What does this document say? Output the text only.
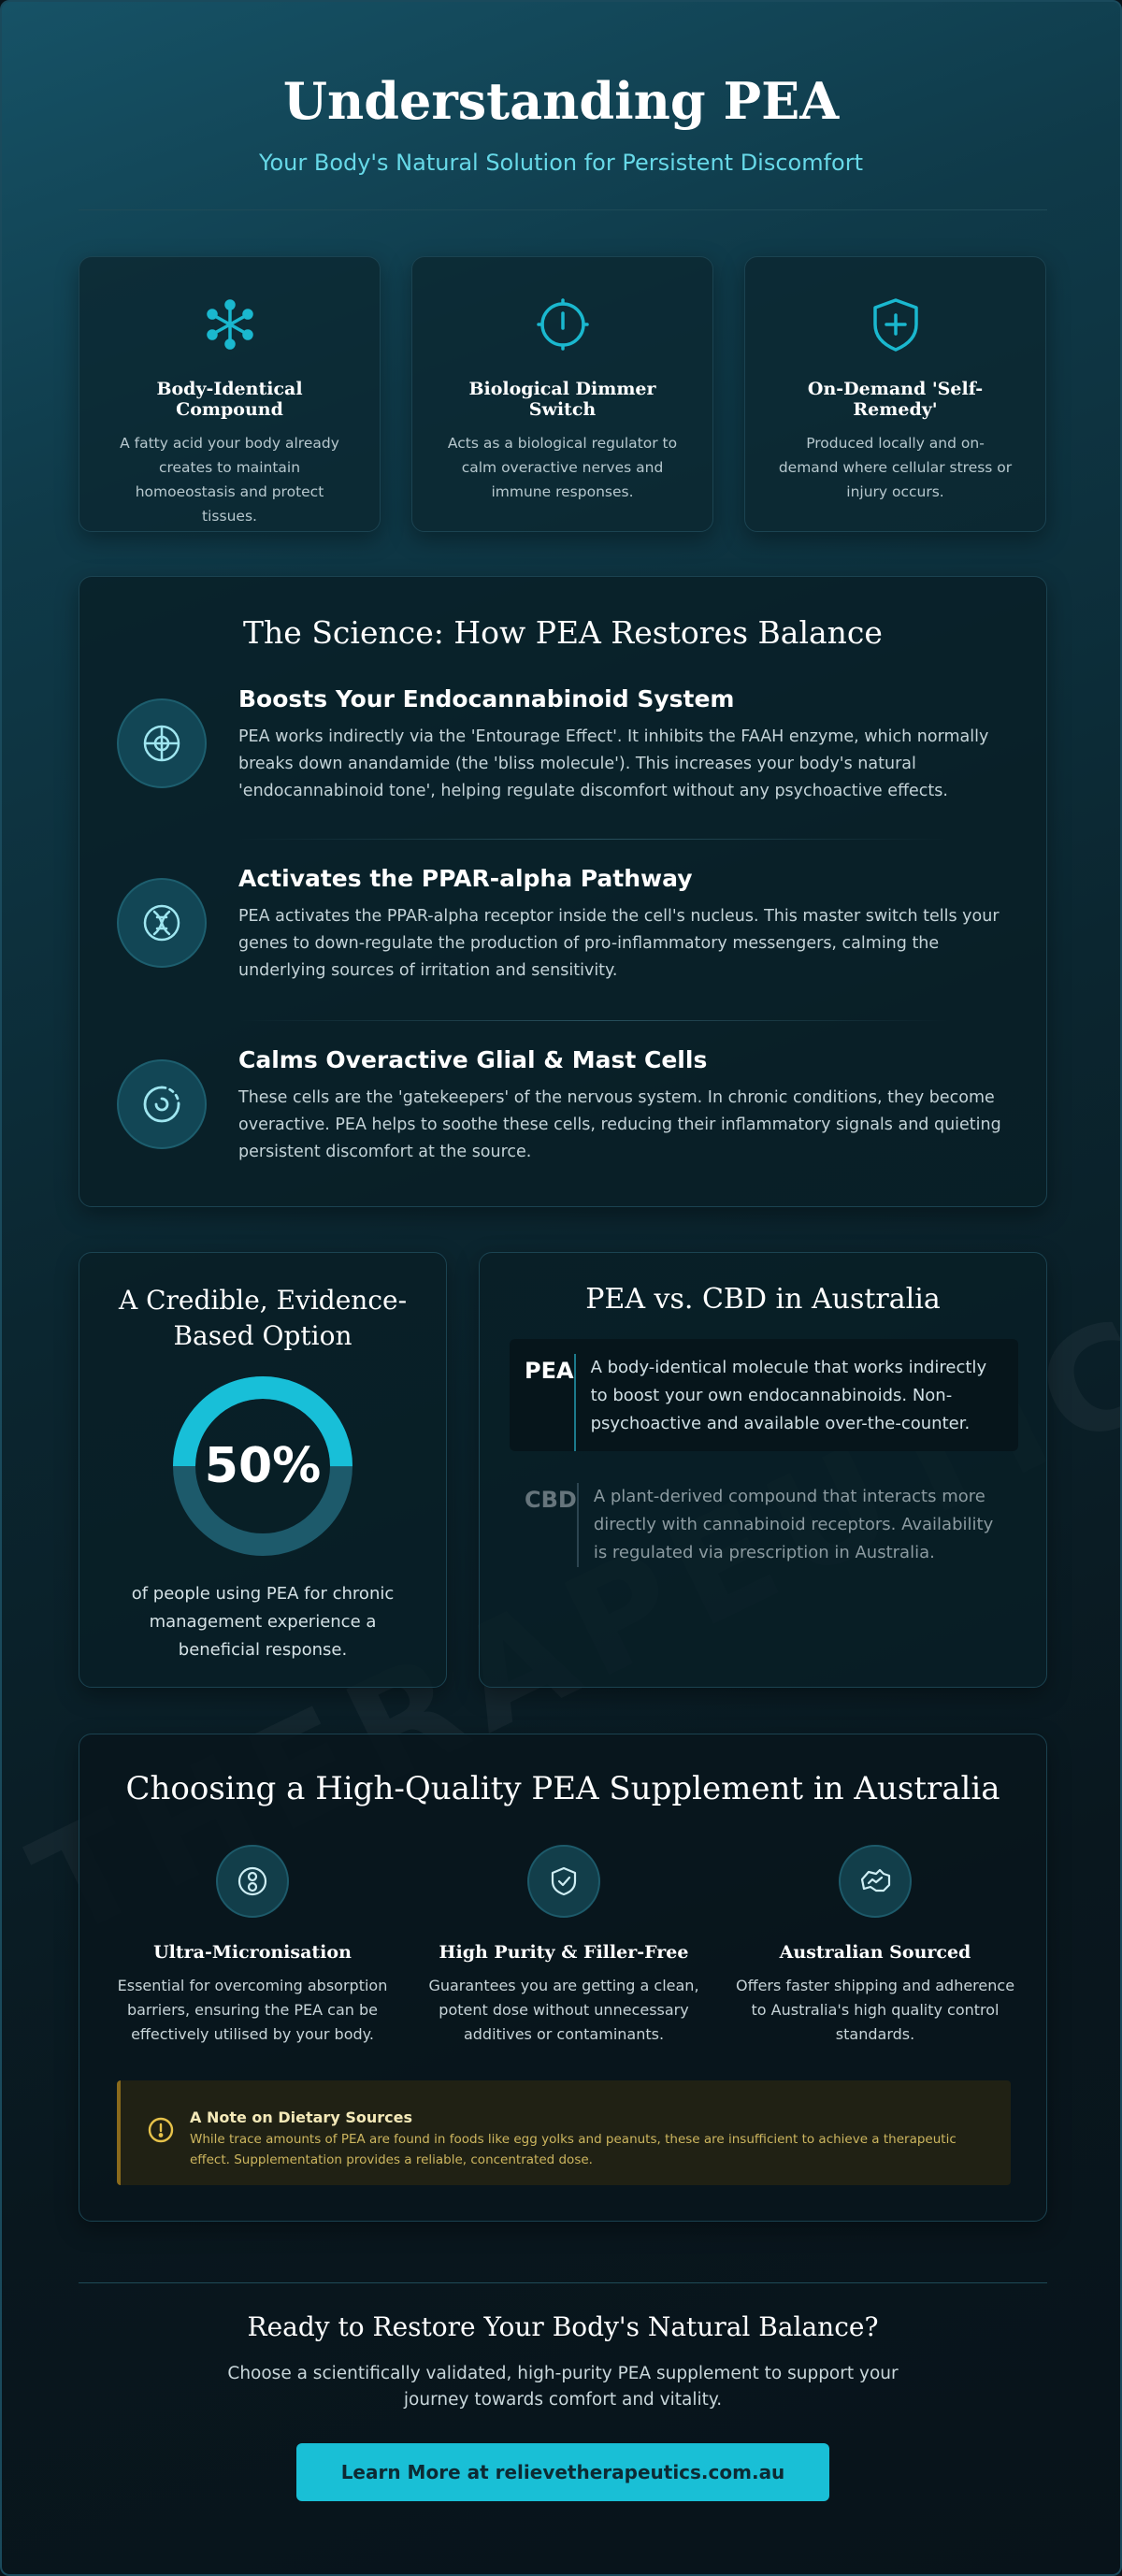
Understanding PEA
Your Body's Natural Solution for Persistent Discomfort
Body-Identical Compound

A fatty acid your body already creates to maintain homoeostasis and protect tissues.

Biological Dimmer Switch

Acts as a biological regulator to calm overactive nerves and immune responses.

On-Demand 'Self-Remedy'

Produced locally and on-demand where cellular stress or injury occurs.

The Science: How PEA Restores Balance
Boosts Your Endocannabinoid System

PEA works indirectly via the 'Entourage Effect'. It inhibits the FAAH enzyme, which normally breaks down anandamide (the 'bliss molecule'). This increases your body's natural 'endocannabinoid tone', helping regulate discomfort without any psychoactive effects.

Activates the PPAR-alpha Pathway

PEA activates the PPAR-alpha receptor inside the cell's nucleus. This master switch tells your genes to down-regulate the production of pro-inflammatory messengers, calming the underlying sources of irritation and sensitivity.

Calms Overactive Glial & Mast Cells

These cells are the 'gatekeepers' of the nervous system. In chronic conditions, they become overactive. PEA helps to soothe these cells, reducing their inflammatory signals and quieting persistent discomfort at the source.

A Credible, Evidence-Based Option
50%

of people using PEA for chronic management experience a beneficial response.

PEA vs. CBD in Australia
PEA	A body-identical molecule that works indirectly to boost your own endocannabinoids. Non-psychoactive and available over-the-counter.
CBD	A plant-derived compound that interacts more directly with cannabinoid receptors. Availability is regulated via prescription in Australia.
Choosing a High-Quality PEA Supplement in Australia
Ultra-Micronisation

Essential for overcoming absorption barriers, ensuring the PEA can be effectively utilised by your body.

High Purity & Filler-Free

Guarantees you are getting a clean, potent dose without unnecessary additives or contaminants.

Australian Sourced

Offers faster shipping and adherence to Australia's high quality control standards.

A Note on Dietary Sources

While trace amounts of PEA are found in foods like egg yolks and peanuts, these are insufficient to achieve a therapeutic effect. Supplementation provides a reliable, concentrated dose.

Ready to Restore Your Body's Natural Balance?

Choose a scientifically validated, high-purity PEA supplement to support your journey towards comfort and vitality.

Learn More at relievetherapeutics.com.au
